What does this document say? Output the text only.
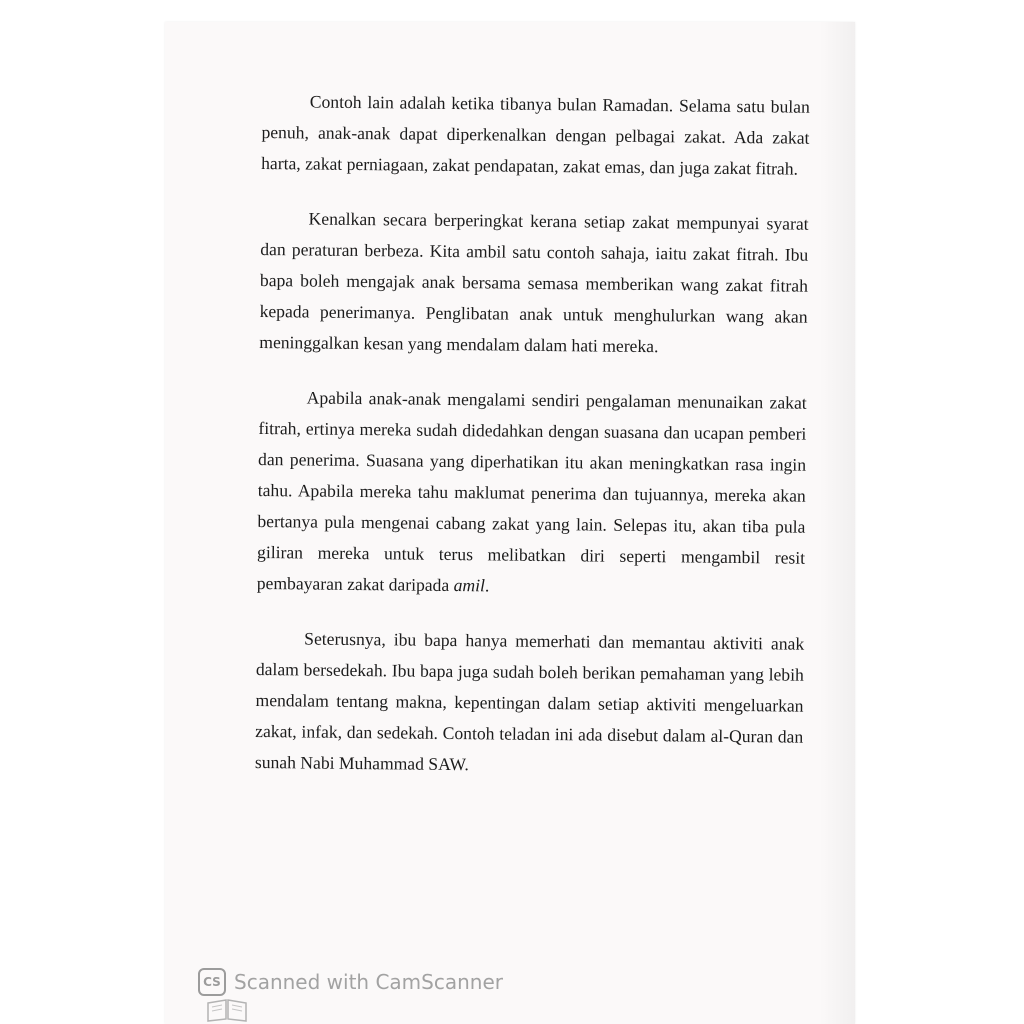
Contoh lain adalah ketika tibanya bulan Ramadan. Selama satu bulan penuh, anak-anak dapat diperkenalkan dengan pelbagai zakat. Ada zakat harta, zakat perniagaan, zakat pendapatan, zakat emas, dan juga zakat fitrah.

Kenalkan secara berperingkat kerana setiap zakat mempunyai syarat dan peraturan berbeza. Kita ambil satu contoh sahaja, iaitu zakat fitrah. Ibu bapa boleh mengajak anak bersama semasa memberikan wang zakat fitrah kepada penerimanya. Penglibatan anak untuk menghulurkan wang akan meninggalkan kesan yang mendalam dalam hati mereka.

Apabila anak-anak mengalami sendiri pengalaman menunaikan zakat fitrah, ertinya mereka sudah didedahkan dengan suasana dan ucapan pemberi dan penerima. Suasana yang diperhatikan itu akan meningkatkan rasa ingin tahu. Apabila mereka tahu maklumat penerima dan tujuannya, mereka akan bertanya pula mengenai cabang zakat yang lain. Selepas itu, akan tiba pula giliran mereka untuk terus melibatkan diri seperti mengambil resit pembayaran zakat daripada amil.

Seterusnya, ibu bapa hanya memerhati dan memantau aktiviti anak dalam bersedekah. Ibu bapa juga sudah boleh berikan pemahaman yang lebih mendalam tentang makna, kepentingan dalam setiap aktiviti mengeluarkan zakat, infak, dan sedekah. Contoh teladan ini ada disebut dalam al-Quran dan sunah Nabi Muhammad SAW.

CS Scanned with CamScanner
